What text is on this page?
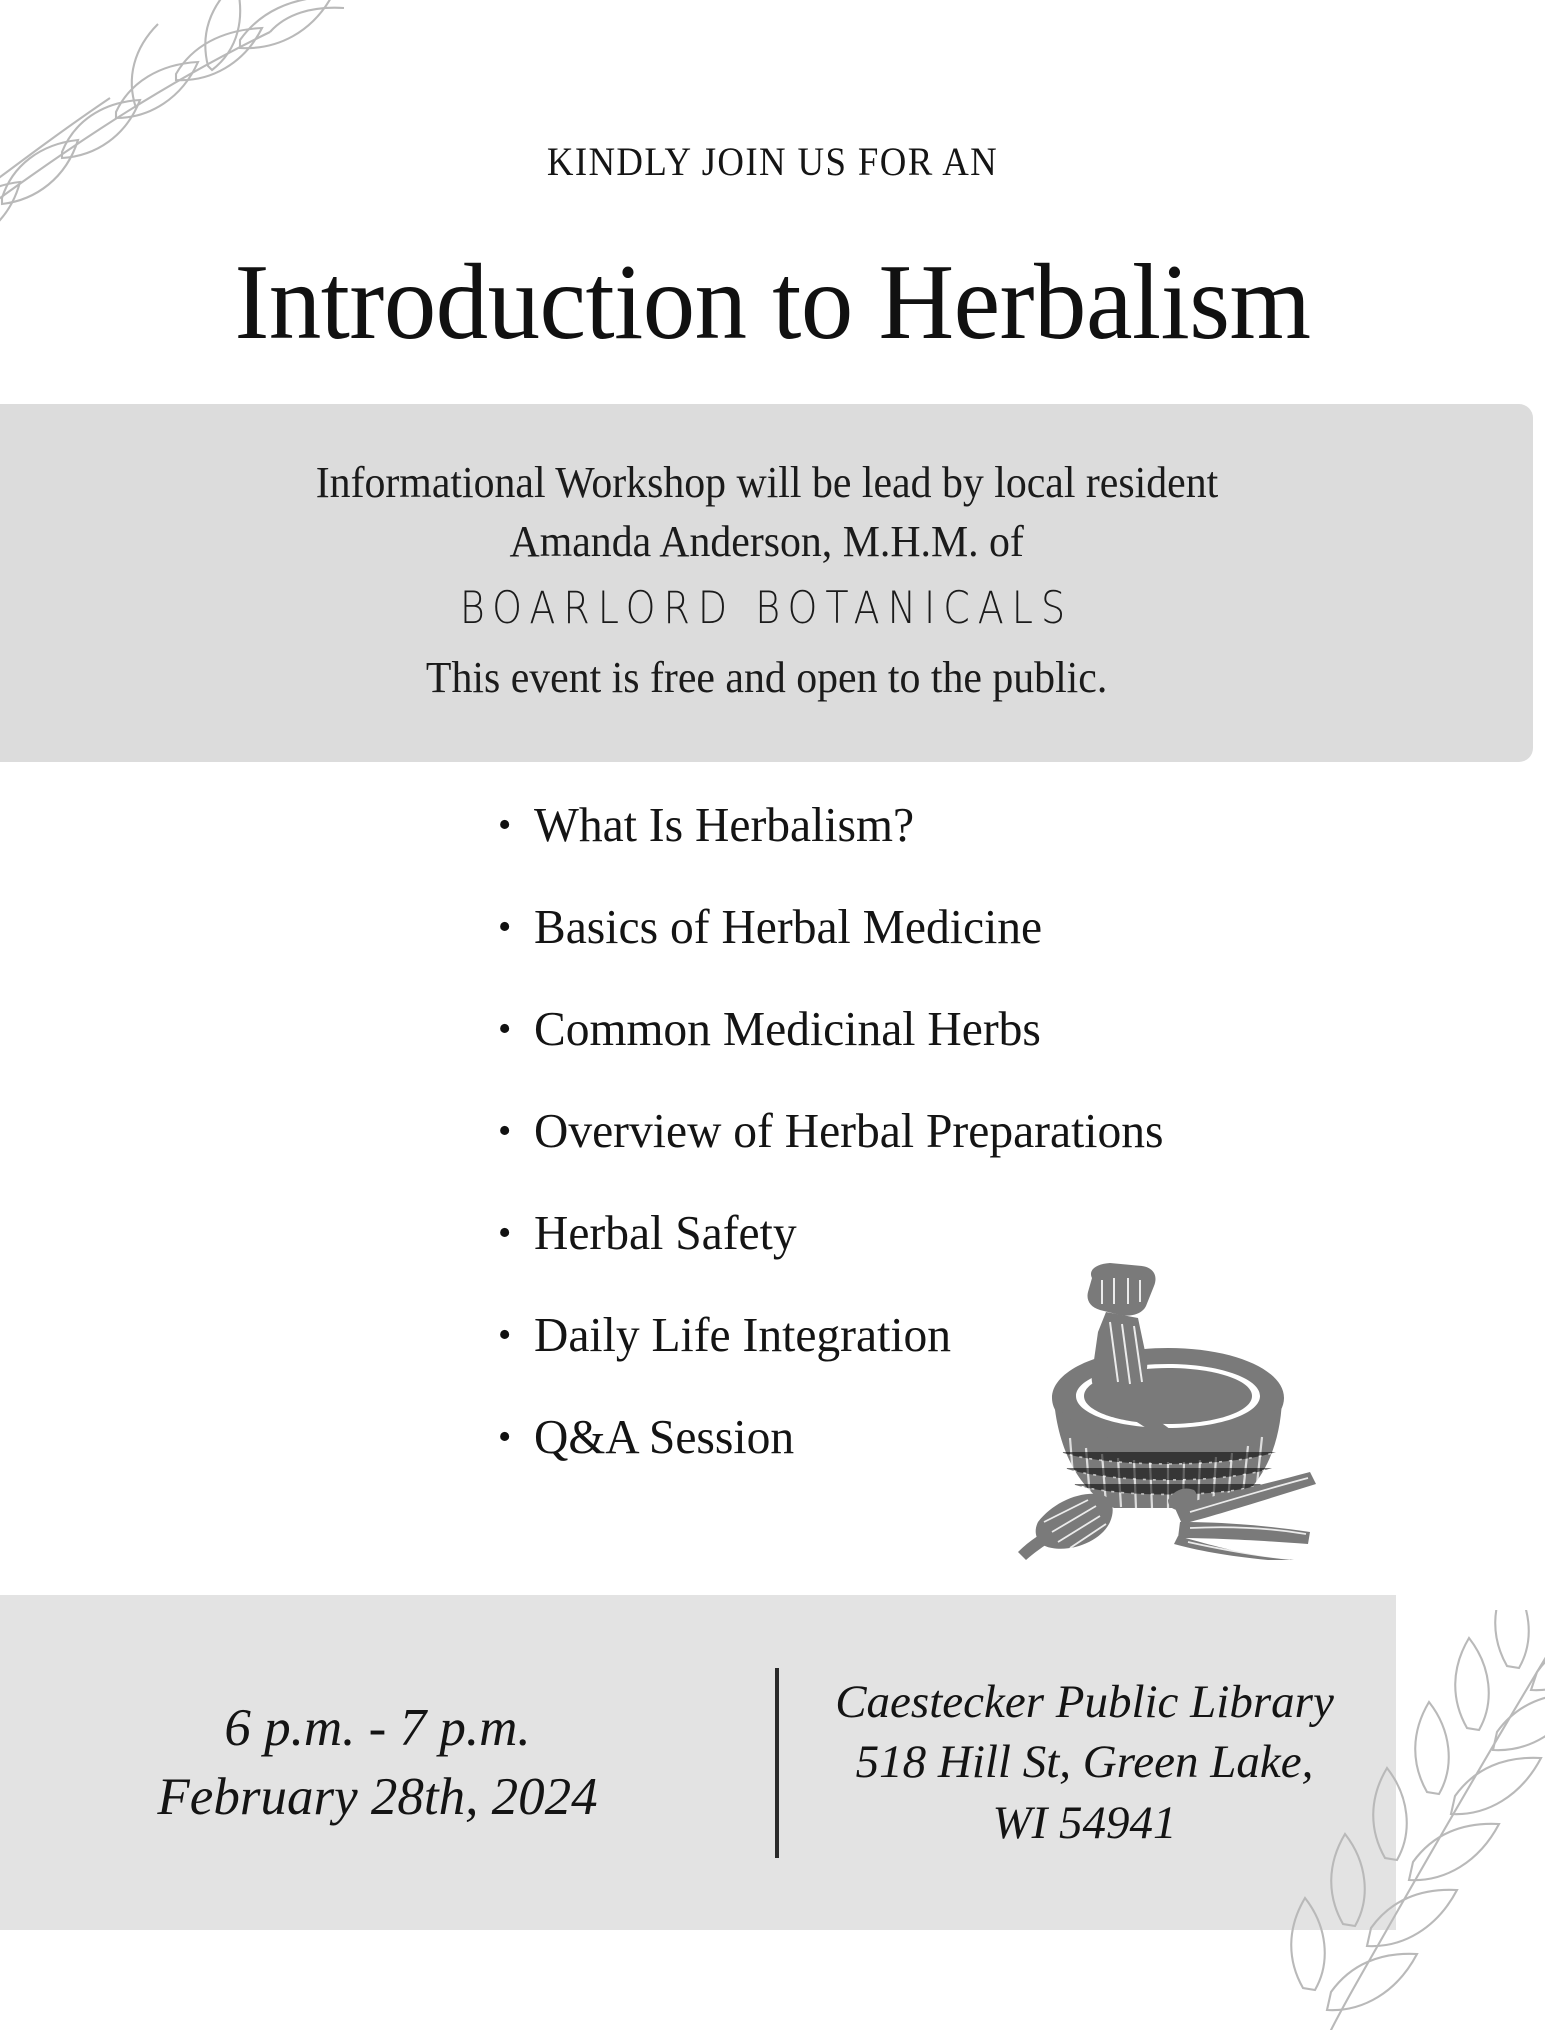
KINDLY JOIN US FOR AN
Introduction to Herbalism
Informational Workshop will be lead by local resident
Amanda Anderson, M.H.M. of
BOARLORD BOTANICALS
This event is free and open to the public.
• What Is Herbalism?
• Basics of Herbal Medicine
• Common Medicinal Herbs
• Overview of Herbal Preparations
• Herbal Safety
• Daily Life Integration
• Q&A Session
6 p.m. - 7 p.m.
February 28th, 2024
Caestecker Public Library
518 Hill St, Green Lake,
WI 54941
